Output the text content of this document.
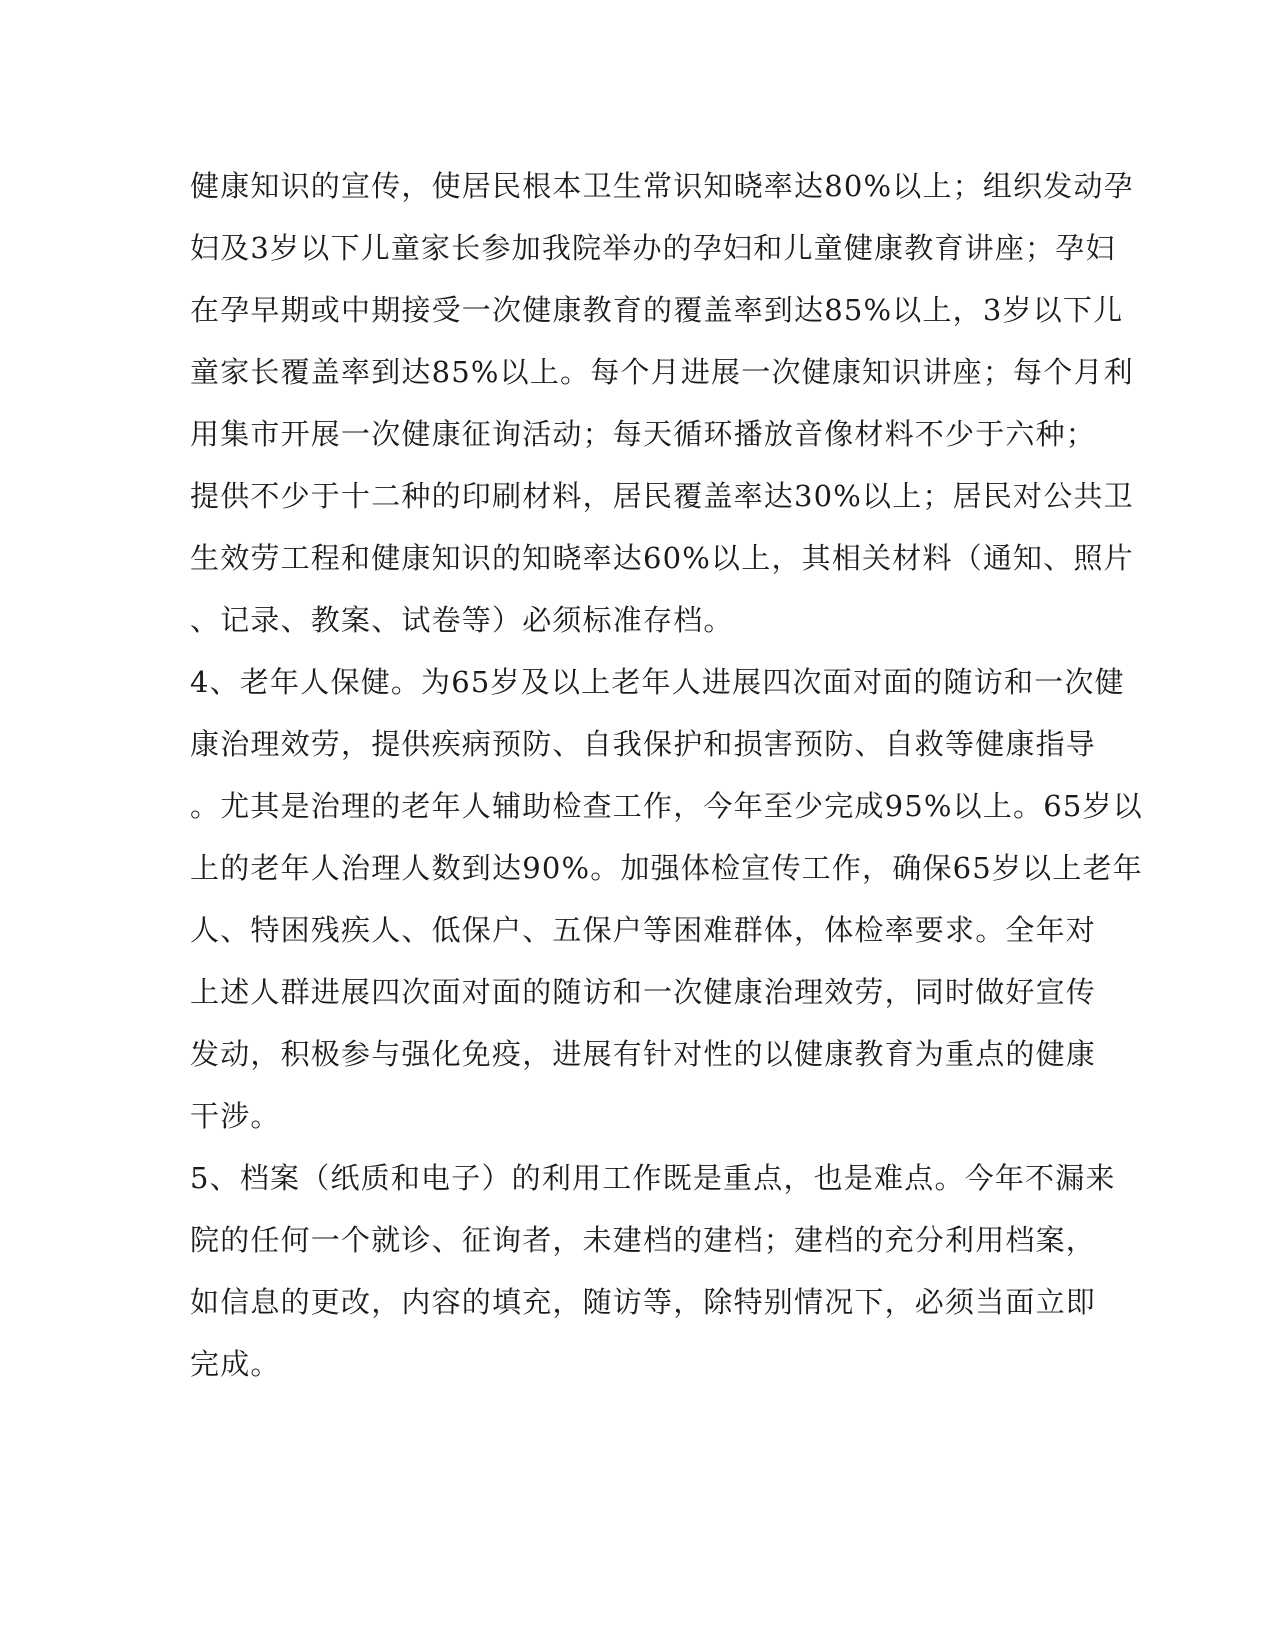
健康知识的宣传，使居民根本卫生常识知晓率达80%以上；组织发动孕
妇及3岁以下儿童家长参加我院举办的孕妇和儿童健康教育讲座；孕妇
在孕早期或中期接受一次健康教育的覆盖率到达85%以上，3岁以下儿
童家长覆盖率到达85%以上。每个月进展一次健康知识讲座；每个月利
用集市开展一次健康征询活动；每天循环播放音像材料不少于六种；
提供不少于十二种的印刷材料，居民覆盖率达30%以上；居民对公共卫
生效劳工程和健康知识的知晓率达60%以上，其相关材料（通知、照片
、记录、教案、试卷等）必须标准存档。
4、老年人保健。为65岁及以上老年人进展四次面对面的随访和一次健
康治理效劳，提供疾病预防、自我保护和损害预防、自救等健康指导
。尤其是治理的老年人辅助检查工作，今年至少完成95%以上。65岁以
上的老年人治理人数到达90%。加强体检宣传工作，确保65岁以上老年
人、特困残疾人、低保户、五保户等困难群体，体检率要求。全年对
上述人群进展四次面对面的随访和一次健康治理效劳，同时做好宣传
发动，积极参与强化免疫，进展有针对性的以健康教育为重点的健康
干涉。
5、档案（纸质和电子）的利用工作既是重点，也是难点。今年不漏来
院的任何一个就诊、征询者，未建档的建档；建档的充分利用档案，
如信息的更改，内容的填充，随访等，除特别情况下，必须当面立即
完成。
